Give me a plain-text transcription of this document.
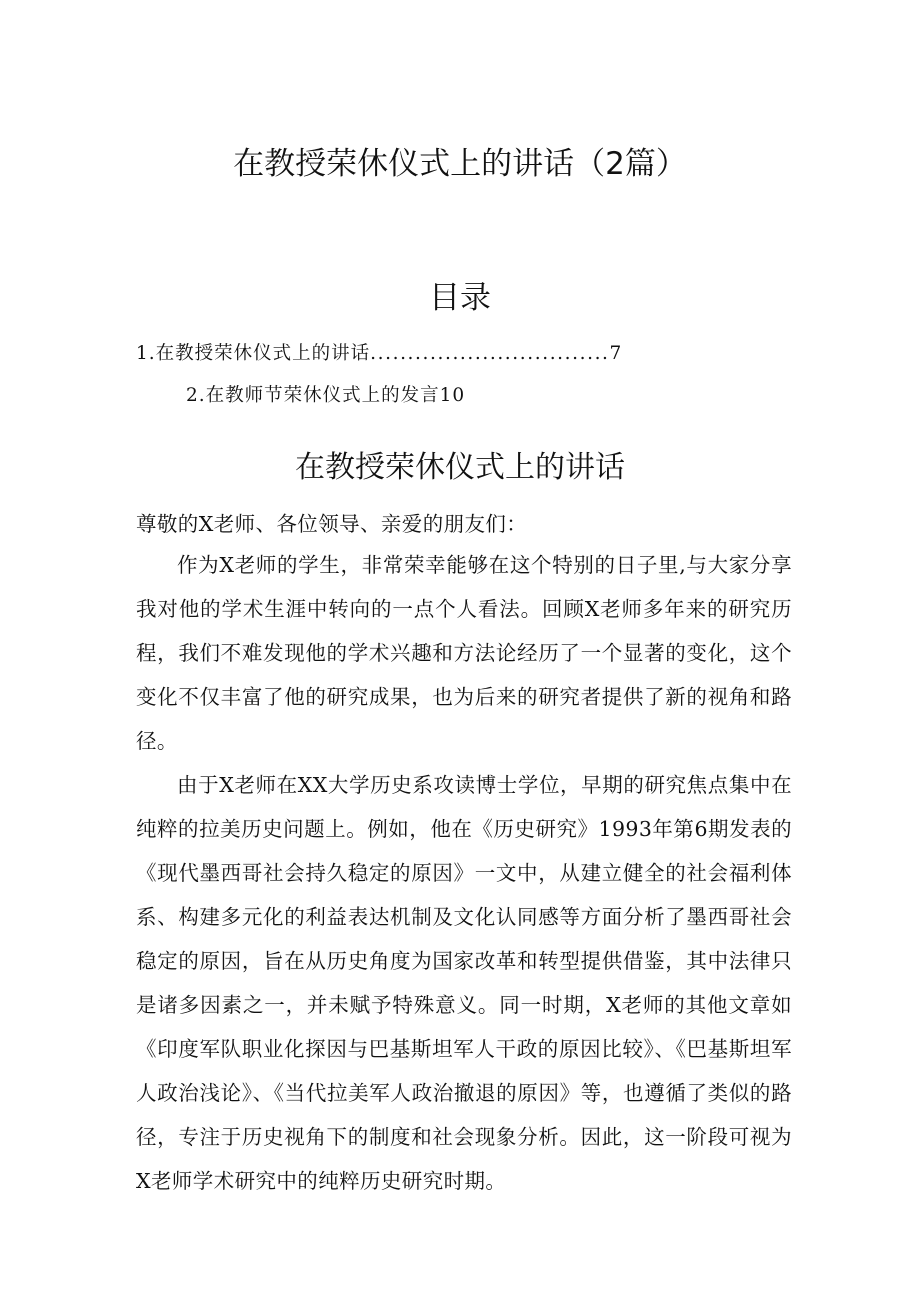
在教授荣休仪式上的讲话（2篇）
目录
1.在教授荣休仪式上的讲话................................7
2.在教师节荣休仪式上的发言10
在教授荣休仪式上的讲话
尊敬的X老师、各位领导、亲爱的朋友们：

作为X老师的学生，非常荣幸能够在这个特别的日子里,与大家分享我对他的学术生涯中转向的一点个人看法。回顾X老师多年来的研究历程，我们不难发现他的学术兴趣和方法论经历了一个显著的变化，这个变化不仅丰富了他的研究成果，也为后来的研究者提供了新的视角和路径。

由于X老师在XX大学历史系攻读博士学位，早期的研究焦点集中在纯粹的拉美历史问题上。例如，他在《历史研究》1993年第6期发表的《现代墨西哥社会持久稳定的原因》一文中，从建立健全的社会福利体系、构建多元化的利益表达机制及文化认同感等方面分析了墨西哥社会稳定的原因，旨在从历史角度为国家改革和转型提供借鉴，其中法律只是诸多因素之一，并未赋予特殊意义。同一时期，X老师的其他文章如《印度军队职业化探因与巴基斯坦军人干政的原因比较》、《巴基斯坦军人政治浅论》、《当代拉美军人政治撤退的原因》等，也遵循了类似的路径，专注于历史视角下的制度和社会现象分析。因此，这一阶段可视为X老师学术研究中的纯粹历史研究时期。
